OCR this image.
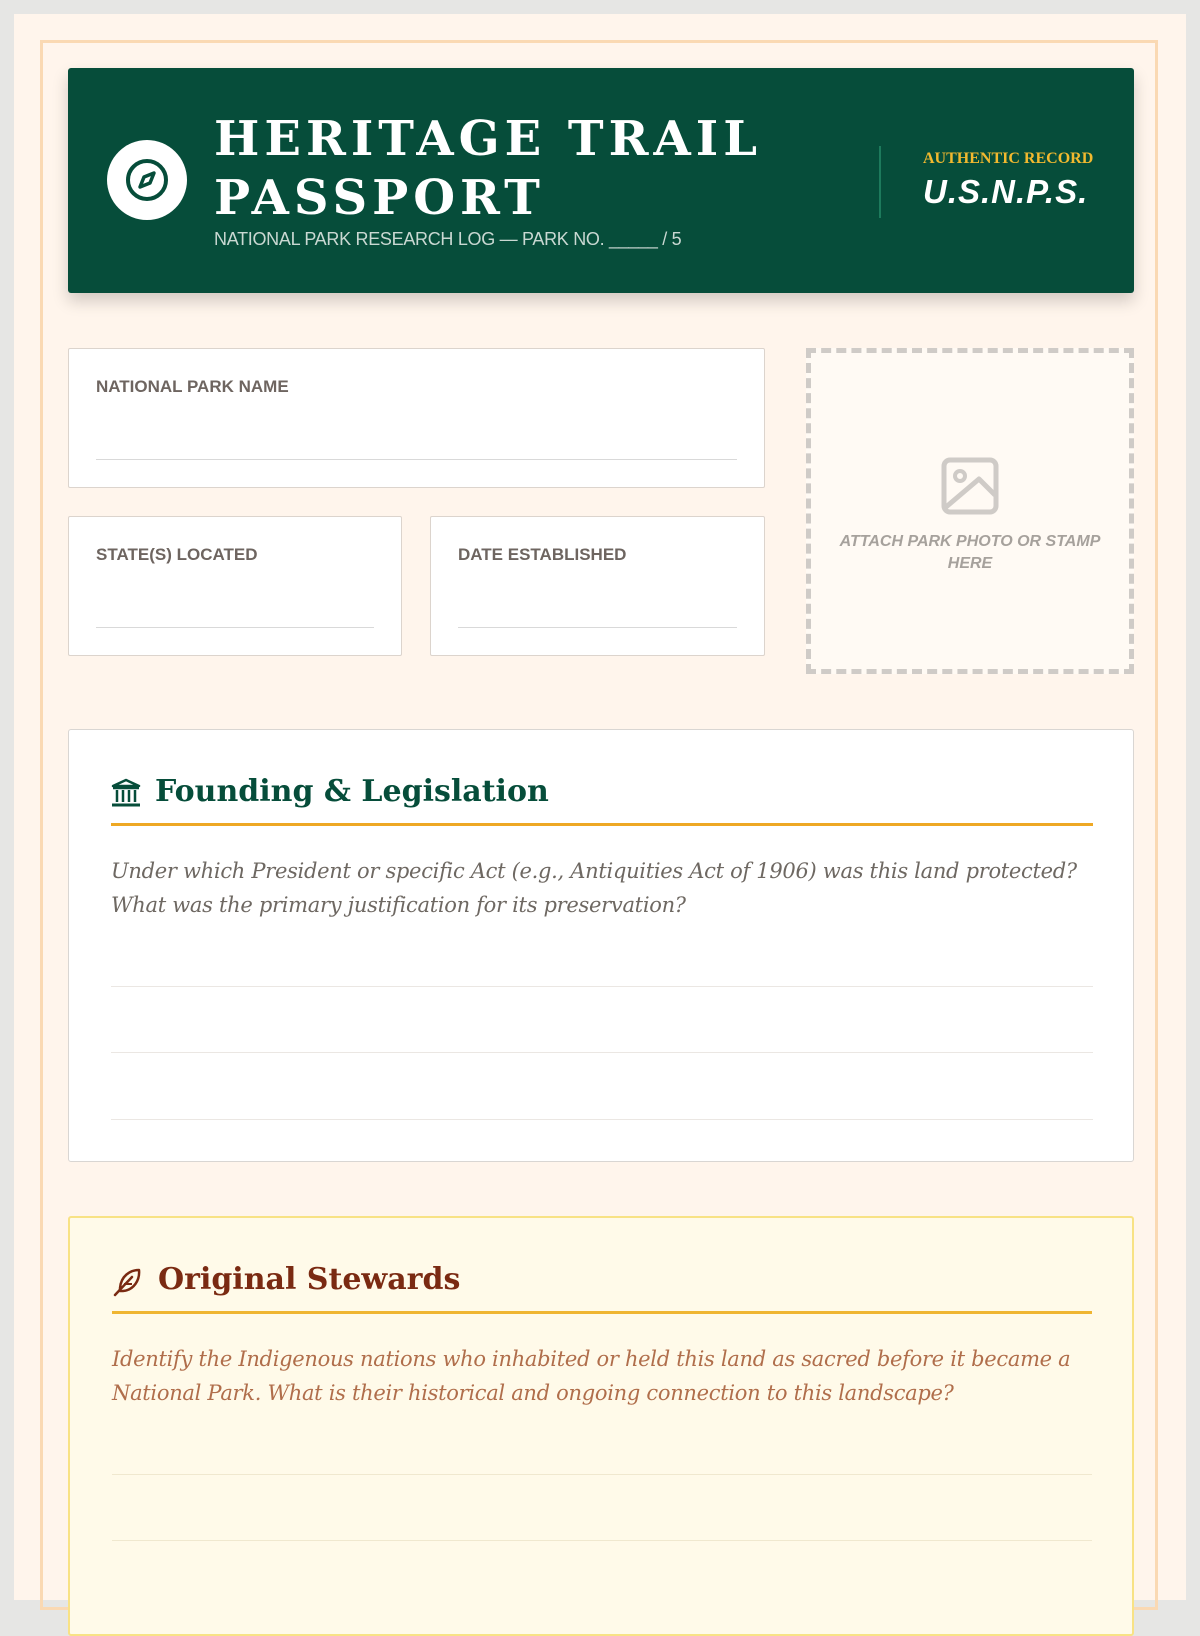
HERITAGE TRAIL PASSPORT
NATIONAL PARK RESEARCH LOG — PARK NO. _____ / 5
AUTHENTIC RECORD
U.S.N.P.S.
NATIONAL PARK NAME
STATE(S) LOCATED	DATE ESTABLISHED
ATTACH PARK PHOTO OR STAMP HERE
Founding & Legislation
Under which President or specific Act (e.g., Antiquities Act of 1906) was this land protected? What was the primary justification for its preservation?
Original Stewards
Identify the Indigenous nations who inhabited or held this land as sacred before it became a National Park. What is their historical and ongoing connection to this landscape?
